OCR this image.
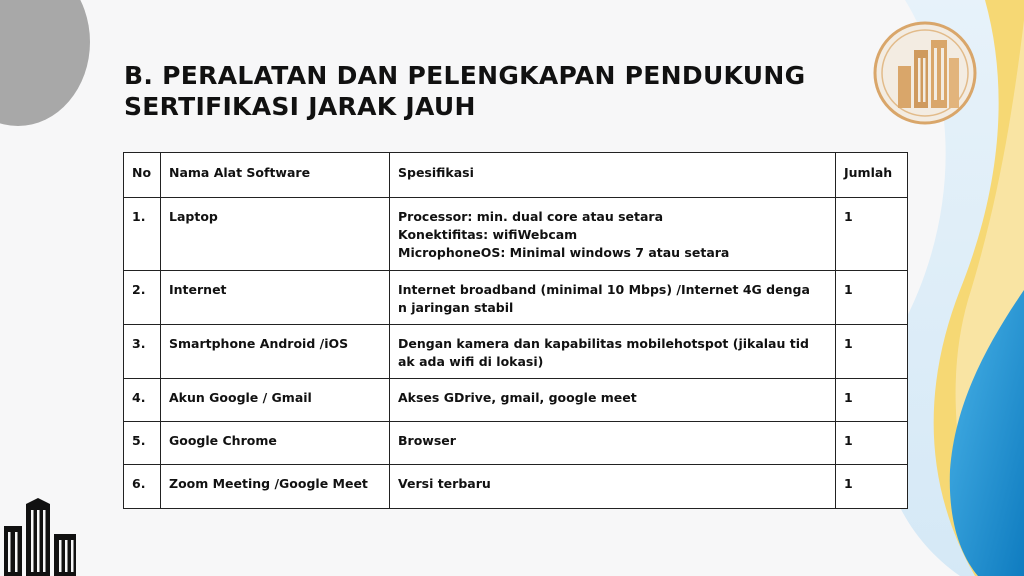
B. PERALATAN DAN PELENGKAPAN PENDUKUNG
SERTIFIKASI JARAK JAUH
No	Nama Alat Software	Spesifikasi	Jumlah
1.	Laptop	Processor: min. dual core atau setara
Konektifitas: wifiWebcam
MicrophoneOS: Minimal windows 7 atau setara	1
2.	Internet	Internet broadband (minimal 10 Mbps) /Internet 4G denga
n jaringan stabil	1
3.	Smartphone Android /iOS	Dengan kamera dan kapabilitas mobilehotspot (jikalau tid
ak ada wifi di lokasi)	1
4.	Akun Google / Gmail	Akses GDrive, gmail, google meet	1
5.	Google Chrome	Browser	1
6.	Zoom Meeting /Google Meet	Versi terbaru	1
